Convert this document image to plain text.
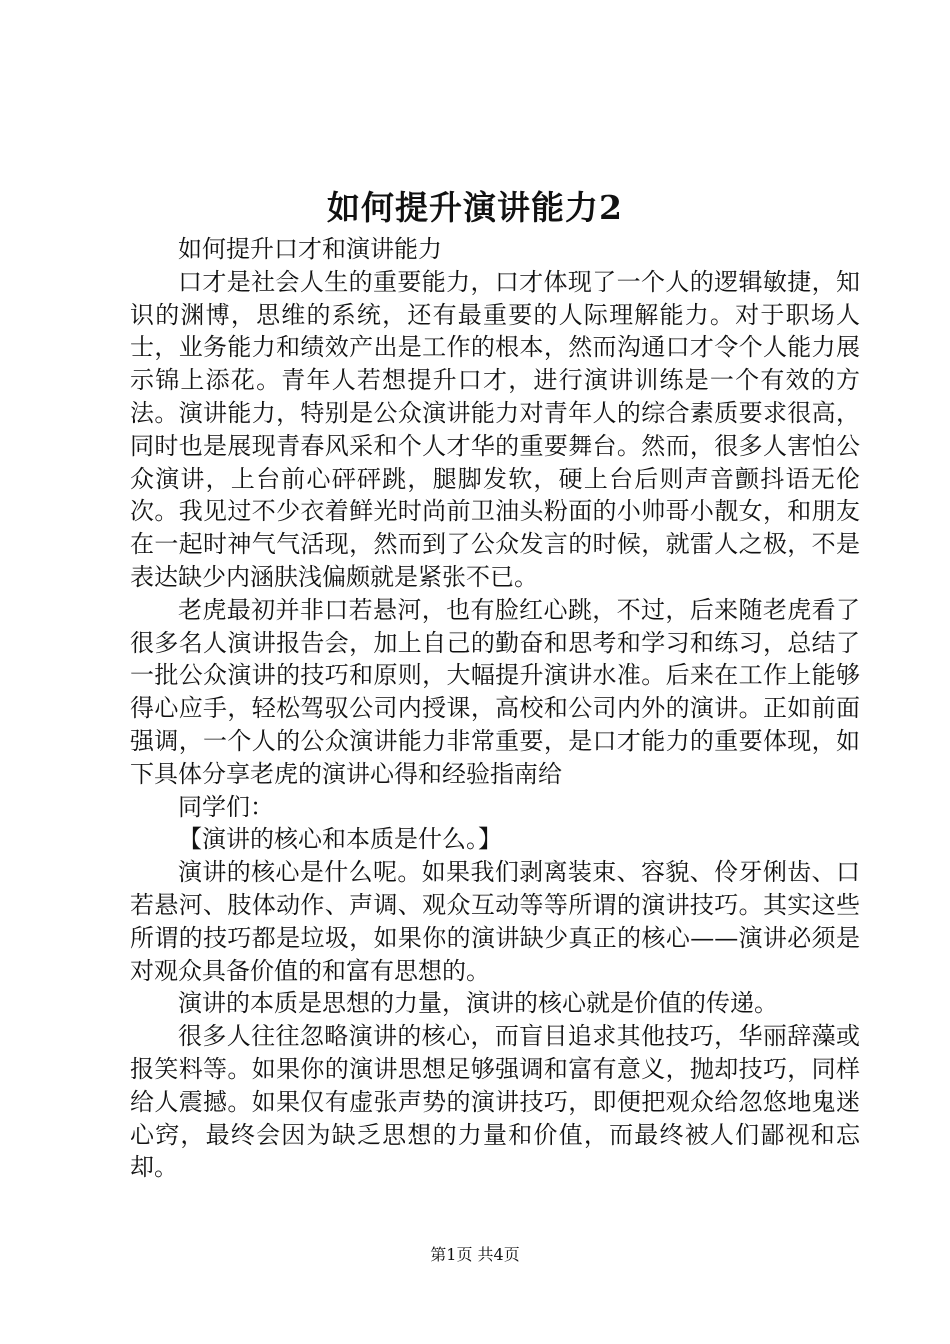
如何提升演讲能力2

如何提升口才和演讲能力

口才是社会人生的重要能力，口才体现了一个人的逻辑敏捷，知识的渊博，思维的系统，还有最重要的人际理解能力。对于职场人士，业务能力和绩效产出是工作的根本，然而沟通口才令个人能力展示锦上添花。青年人若想提升口才，进行演讲训练是一个有效的方法。演讲能力，特别是公众演讲能力对青年人的综合素质要求很高，同时也是展现青春风采和个人才华的重要舞台。然而，很多人害怕公众演讲，上台前心砰砰跳，腿脚发软，硬上台后则声音颤抖语无伦次。我见过不少衣着鲜光时尚前卫油头粉面的小帅哥小靓女，和朋友在一起时神气气活现，然而到了公众发言的时候，就雷人之极，不是表达缺少内涵肤浅偏颇就是紧张不已。

老虎最初并非口若悬河，也有脸红心跳，不过，后来随老虎看了很多名人演讲报告会，加上自己的勤奋和思考和学习和练习，总结了一批公众演讲的技巧和原则，大幅提升演讲水准。后来在工作上能够得心应手，轻松驾驭公司内授课，高校和公司内外的演讲。正如前面强调，一个人的公众演讲能力非常重要，是口才能力的重要体现，如下具体分享老虎的演讲心得和经验指南给

同学们：

【演讲的核心和本质是什么。】

演讲的核心是什么呢。如果我们剥离装束、容貌、伶牙俐齿、口若悬河、肢体动作、声调、观众互动等等所谓的演讲技巧。其实这些所谓的技巧都是垃圾，如果你的演讲缺少真正的核心——演讲必须是对观众具备价值的和富有思想的。

演讲的本质是思想的力量，演讲的核心就是价值的传递。

很多人往往忽略演讲的核心，而盲目追求其他技巧，华丽辞藻或报笑料等。如果你的演讲思想足够强调和富有意义，抛却技巧，同样给人震撼。如果仅有虚张声势的演讲技巧，即便把观众给忽悠地鬼迷心窍，最终会因为缺乏思想的力量和价值，而最终被人们鄙视和忘却。

第1页 共4页
